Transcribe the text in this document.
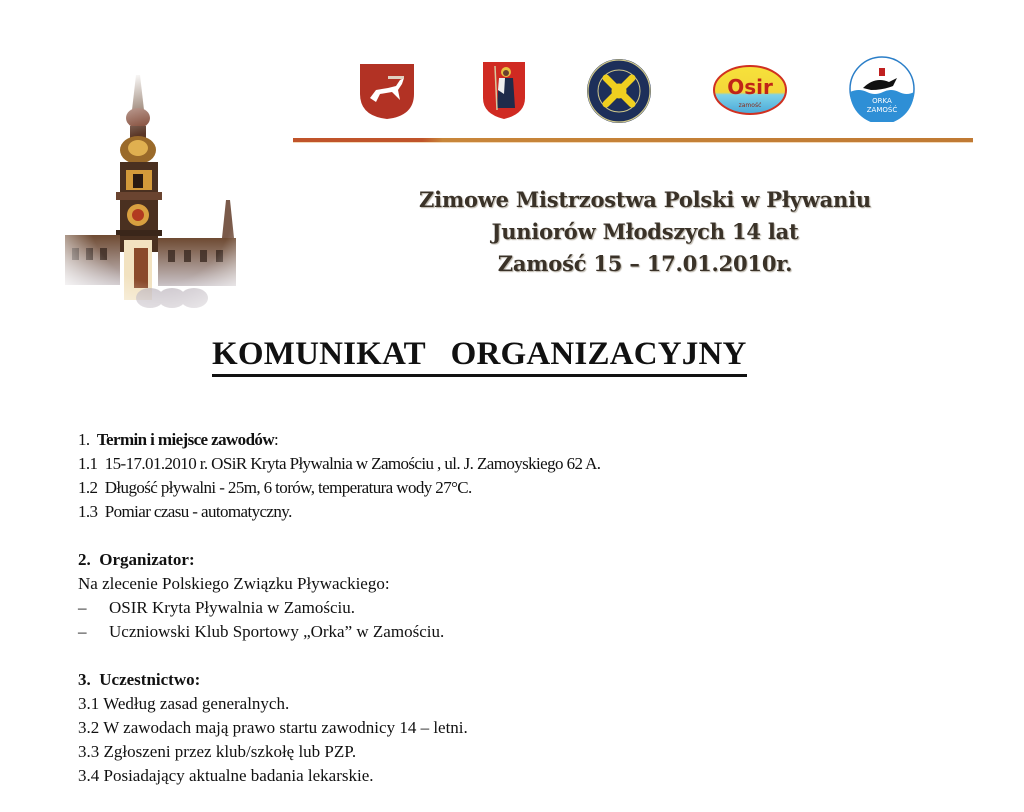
Osir
zamość
ORKA
ZAMOŚĆ
Zimowe Mistrzostwa Polski w Pływaniu
Juniorów Młodszych 14 lat
Zamość 15 – 17.01.2010r.
KOMUNIKAT   ORGANIZACYJNY
1. Termin i miejsce zawodów:
1.1  15-17.01.2010 r. OSiR Kryta Pływalnia w Zamościu , ul. J. Zamoyskiego 62 A.
1.2  Długość pływalni - 25m, 6 torów, temperatura wody 27°C.
1.3  Pomiar czasu - automatyczny.
2. Organizator:
Na zlecenie Polskiego Związku Pływackiego:
–	OSIR Kryta Pływalnia w Zamościu.
–	Uczniowski Klub Sportowy „Orka” w Zamościu.
3. Uczestnictwo:
3.1 Według zasad generalnych.
3.2 W zawodach mają prawo startu zawodnicy 14 – letni.
3.3 Zgłoszeni przez klub/szkołę lub PZP.
3.4 Posiadający aktualne badania lekarskie.
